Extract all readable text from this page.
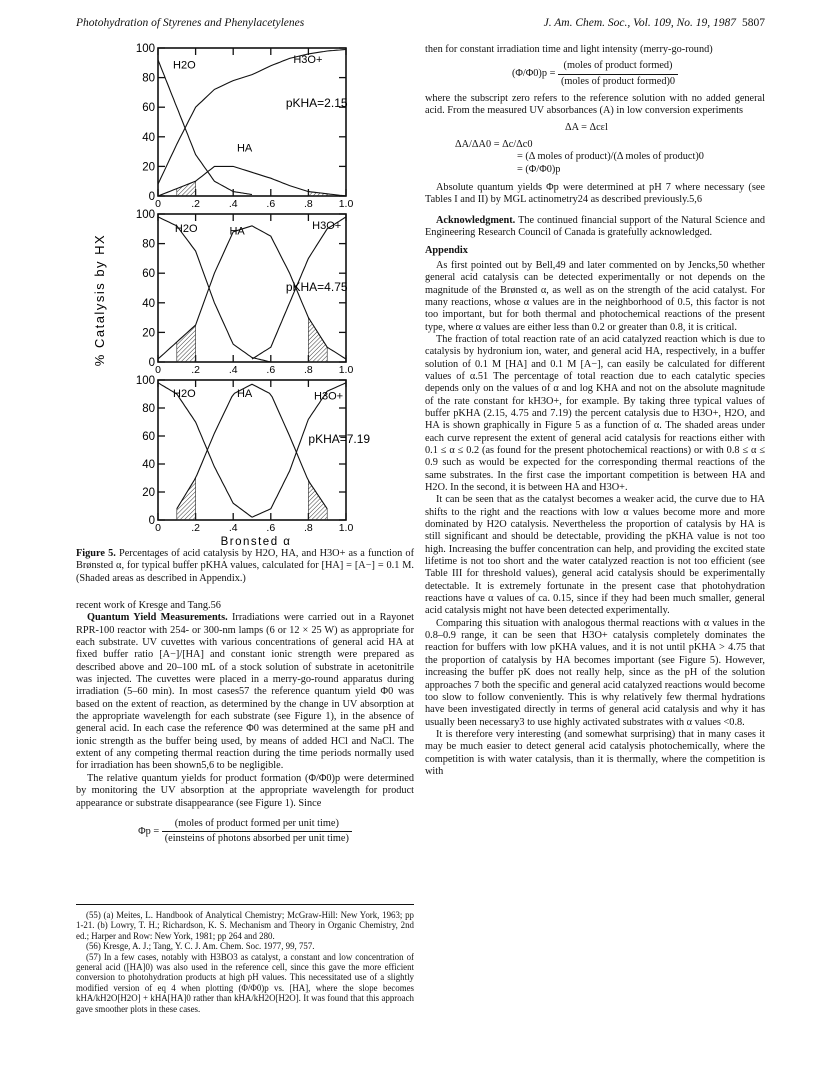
Photohydration of Styrenes and Phenylacetylenes	J. Am. Chem. Soc., Vol. 109, No. 19, 1987 5807
0
20
40
60
80
100
0	.2	.4	.6	.8 1.0
H3O+
H2O
HA
pKHA=2.15
0
20
40
60
80
100
0	.2	.4	.6	.8 1.0
H2O	HA	H3O+
pKHA=4.75
0
20
40
60
80
100
0	.2	.4	.6	.8 1.0
H2O	HA	H3O+
pKHA=7.19
% Catalysis by HX
Bronsted α
Figure 5. Percentages of acid catalysis by H2O, HA, and H3O+ as a function of Brønsted α, for typical buffer pKHA values, calculated for [HA] = [A−] = 0.1 M. (Shaded areas as described in Appendix.)

recent work of Kresge and Tang.56

Quantum Yield Measurements. Irradiations were carried out in a Rayonet RPR-100 reactor with 254- or 300-nm lamps (6 or 12 × 25 W) as appropriate for each substrate. UV cuvettes with various concentrations of general acid HA at fixed buffer ratio [A−]/[HA] and constant ionic strength were prepared as described above and 20–100 mL of a stock solution of substrate in acetonitrile was injected. The cuvettes were placed in a merry-go-round apparatus during irradiation (5–60 min). In most cases57 the reference quantum yield Φ0 was based on the extent of reaction, as determined by the change in UV absorption at the appropriate wavelength for each substrate (see Figure 1), in the absence of general acid. In each case the reference Φ0 was determined at the same pH and ionic strength as the buffer being used, by means of added HCl and NaCl. The extent of any competing thermal reaction during the time periods normally used for irradiation has been shown5,6 to be negligible.

The relative quantum yields for product formation (Φ/Φ0)p were determined by monitoring the UV absorption at the appropriate wavelength for product appearance or substrate disappearance (see Figure 1). Since

$\Phi p = \frac{\text{(moles of product formed per unit time)}}{\text{(einsteins of photons absorbed per unit time)}}$

(55) (a) Meites, L. Handbook of Analytical Chemistry; McGraw-Hill: New York, 1963; pp 1-21. (b) Lowry, T. H.; Richardson, K. S. Mechanism and Theory in Organic Chemistry, 2nd ed.; Harper and Row: New York, 1981; pp 264 and 280.

(56) Kresge, A. J.; Tang, Y. C. J. Am. Chem. Soc. 1977, 99, 757.

(57) In a few cases, notably with H3BO3 as catalyst, a constant and low concentration of general acid ([HA]0) was also used in the reference cell, since this gave the more efficient conversion to photohydration products at high pH values. This necessitated use of a slightly modified version of eq 4 when plotting (Φ/Φ0)p vs. [HA], where the slope becomes kHA/kH2O[H2O] + kHA[HA]0 rather than kHA/kH2O[H2O]. It was found that this approach gave smoother plots in these cases.

then for constant irradiation time and light intensity (merry-go-round)

$(\Phi/\Phi 0)p = \frac{\text{(moles of product formed)}}{\text{(moles of product formed)0}}$

where the subscript zero refers to the reference solution with no added general acid. From the measured UV absorbances (A) in low conversion experiments

ΔA = Δcεl
ΔA/ΔA0 = Δc/Δc0
= (Δ moles of product)/(Δ moles of product)0
= (Φ/Φ0)p

Absolute quantum yields Φp were determined at pH 7 where necessary (see Tables I and II) by MGL actinometry24 as described previously.5,6

Acknowledgment. The continued financial support of the Natural Science and Engineering Research Council of Canada is gratefully acknowledged.

Appendix

As first pointed out by Bell,49 and later commented on by Jencks,50 whether general acid catalysis can be detected experimentally or not depends on the magnitude of the Brønsted α, as well as on the strength of the acid catalyst. For many reactions, whose α values are in the neighborhood of 0.5, this factor is not too important, but for both thermal and photochemical reactions of the present type, where α values are either less than 0.2 or greater than 0.8, it is critical.

The fraction of total reaction rate of an acid catalyzed reaction which is due to catalysis by hydronium ion, water, and general acid HA, respectively, in a buffer solution of 0.1 M [HA] and 0.1 M [A−], can easily be calculated for different values of α.51 The percentage of total reaction due to each catalytic species depends only on the values of α and log KHA and not on the absolute magnitude of the rate constant for kH3O+, for example. By taking three typical values of buffer pKHA (2.15, 4.75 and 7.19) the percent catalysis due to H3O+, H2O, and HA is shown graphically in Figure 5 as a function of α. The shaded areas under each curve represent the extent of general acid catalysis for reactions either with 0.1 ≤ α ≤ 0.2 (as found for the present photochemical reactions) or with 0.8 ≤ α ≤ 0.9 such as would be expected for the corresponding thermal reactions of the same substrates. In the first case the important competition is between HA and H2O. In the second, it is between HA and H3O+.

It can be seen that as the catalyst becomes a weaker acid, the curve due to HA shifts to the right and the reactions with low α values become more and more dominated by H2O catalysis. Nevertheless the proportion of catalysis by HA is still significant and should be detectable, providing the pKHA value is not too high. Increasing the buffer concentration can help, and providing the excited state lifetime is not too short and the water catalyzed reaction is not too efficient (see Table III for threshold values), general acid catalysis should be experimentally detectable. It is extremely fortunate in the present case that photohydration reactions have α values of ca. 0.15, since if they had been much smaller, general acid catalysis might not have been detected experimentally.

Comparing this situation with analogous thermal reactions with α values in the 0.8–0.9 range, it can be seen that H3O+ catalysis completely dominates the reaction for buffers with low pKHA values, and it is not until pKHA > 4.75 that the proportion of catalysis by HA becomes important (see Figure 5). However, increasing the buffer pK does not really help, since as the pH of the solution approaches 7 both the specific and general acid catalyzed reactions would become too slow to follow conveniently. This is why relatively few thermal hydrations have been investigated directly in terms of general acid catalysis and why it has usually been necessary3 to use highly activated substrates with α values <0.8.

It is therefore very interesting (and somewhat surprising) that in many cases it may be much easier to detect general acid catalysis photochemically, where the competition is with water catalysis, than it is thermally, where the competition is with
